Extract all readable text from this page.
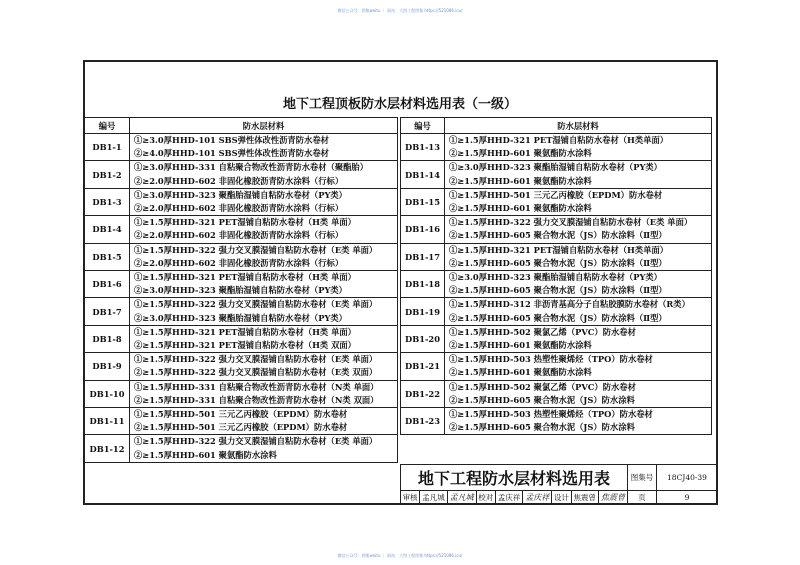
微信公众号：图集weitu ｜ 网站：大图工程图集 https://521086.icu/
微信公众号：图集weitu ｜ 网站：大图工程图集 https://521086.icu/
地下工程顶板防水层材料选用表（一级）
编号	防水层材料
DB1-1	①≥3.0厚HHD-101 SBS弹性体改性沥青防水卷材
②≥4.0厚HHD-101 SBS弹性体改性沥青防水卷材

DB1-2	①≥3.0厚HHD-331 自粘聚合物改性沥青防水卷材（聚酯胎）
②≥2.0厚HHD-602 非固化橡胶沥青防水涂料（行标）

DB1-3	①≥3.0厚HHD-323 聚酯胎湿铺自粘防水卷材（PY类）
②≥2.0厚HHD-602 非固化橡胶沥青防水涂料（行标）

DB1-4	①≥1.5厚HHD-321 PET湿铺自粘防水卷材（H类 单面）
②≥2.0厚HHD-602 非固化橡胶沥青防水涂料（行标）

DB1-5	①≥1.5厚HHD-322 强力交叉膜湿铺自粘防水卷材（E类 单面）
②≥2.0厚HHD-602 非固化橡胶沥青防水涂料（行标）

DB1-6	①≥1.5厚HHD-321 PET湿铺自粘防水卷材（H类 单面）
②≥3.0厚HHD-323 聚酯胎湿铺自粘防水卷材（PY类）

DB1-7	①≥1.5厚HHD-322 强力交叉膜湿铺自粘防水卷材（E类 单面）
②≥3.0厚HHD-323 聚酯胎湿铺自粘防水卷材（PY类）

DB1-8	①≥1.5厚HHD-321 PET湿铺自粘防水卷材（H类 单面）
②≥1.5厚HHD-321 PET湿铺自粘防水卷材（H类 双面）

DB1-9	①≥1.5厚HHD-322 强力交叉膜湿铺自粘防水卷材（E类 单面）
②≥1.5厚HHD-322 强力交叉膜湿铺自粘防水卷材（E类 双面）

DB1-10	①≥1.5厚HHD-331 自粘聚合物改性沥青防水卷材（N类 单面）
②≥1.5厚HHD-331 自粘聚合物改性沥青防水卷材（N类 双面）

DB1-11	①≥1.5厚HHD-501 三元乙丙橡胶（EPDM）防水卷材
②≥1.5厚HHD-501 三元乙丙橡胶（EPDM）防水卷材

DB1-12	①≥1.5厚HHD-322 强力交叉膜湿铺自粘防水卷材（E类 单面）
②≥1.5厚HHD-601 聚氨酯防水涂料
编号	防水层材料
DB1-13	①≥1.5厚HHD-321 PET湿铺自粘防水卷材（H类单面）
②≥1.5厚HHD-601 聚氨酯防水涂料

DB1-14	①≥3.0厚HHD-323 聚酯胎湿铺自粘防水卷材（PY类）
②≥1.5厚HHD-601 聚氨酯防水涂料

DB1-15	①≥1.5厚HHD-501 三元乙丙橡胶（EPDM）防水卷材
②≥1.5厚HHD-601 聚氨酯防水涂料

DB1-16	①≥1.5厚HHD-322 强力交叉膜湿铺自粘防水卷材（E类 单面）
②≥1.5厚HHD-605 聚合物水泥（JS）防水涂料（Ⅱ型）

DB1-17	①≥1.5厚HHD-321 PET湿铺自粘防水卷材（H类单面）
②≥1.5厚HHD-605 聚合物水泥（JS）防水涂料（Ⅱ型）

DB1-18	①≥3.0厚HHD-323 聚酯胎湿铺自粘防水卷材（PY类）
②≥1.5厚HHD-605 聚合物水泥（JS）防水涂料（Ⅱ型）

DB1-19	①≥1.5厚HHD-312 非沥青基高分子自粘胶膜防水卷材（R类）
②≥1.5厚HHD-605 聚合物水泥（JS）防水涂料（Ⅱ型）

DB1-20	①≥1.5厚HHD-502 聚氯乙烯（PVC）防水卷材
②≥1.5厚HHD-601 聚氨酯防水涂料

DB1-21	①≥1.5厚HHD-503 热塑性聚烯烃（TPO）防水卷材
②≥1.5厚HHD-601 聚氨酯防水涂料

DB1-22	①≥1.5厚HHD-502 聚氯乙烯（PVC）防水卷材
②≥1.5厚HHD-605 聚合物水泥（JS）防水涂料

DB1-23	①≥1.5厚HHD-503 热塑性聚烯烃（TPO）防水卷材
②≥1.5厚HHD-605 聚合物水泥（JS）防水涂料
地下工程防水层材料选用表									图集号	18CJ40-39
审核	孟凡城	孟凡城	校对	孟庆祥	孟庆祥	设计	焦震曾	焦震曾	页	9
